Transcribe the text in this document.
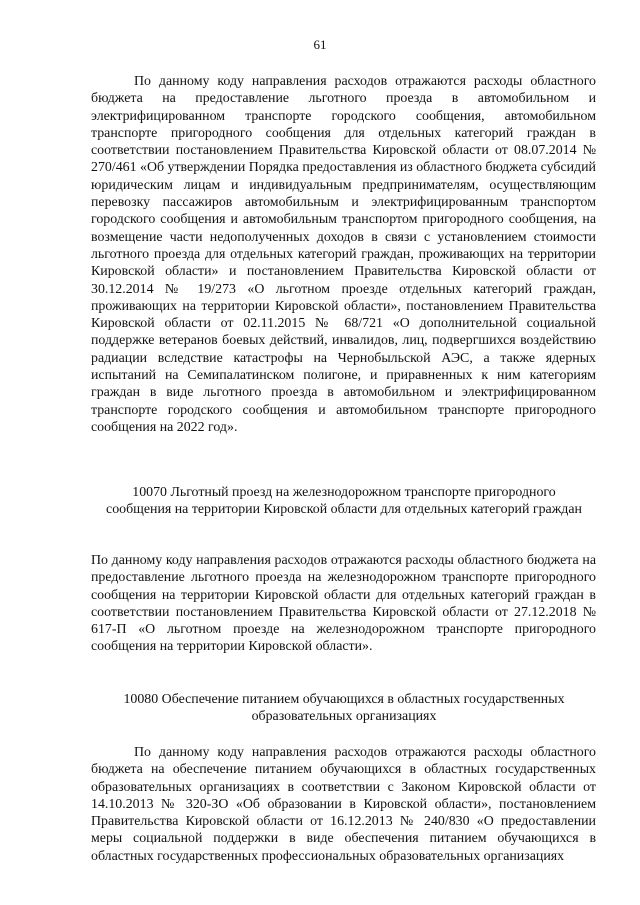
61

По данному коду направления расходов отражаются расходы областного бюджета на предоставление льготного проезда в автомобильном и электрифицированном транспорте городского сообщения, автомобильном транспорте пригородного сообщения для отдельных категорий граждан в соответствии постановлением Правительства Кировской области от 08.07.2014 № 270/461 «Об утверждении Порядка предоставления из областного бюджета субсидий юридическим лицам и индивидуальным предпринимателям, осуществляющим перевозку пассажиров автомобильным и электрифицированным транспортом городского сообщения и автомобильным транспортом пригородного сообщения, на возмещение части недополученных доходов в связи с установлением стоимости льготного проезда для отдельных категорий граждан, проживающих на территории Кировской области» и постановлением Правительства Кировской области от 30.12.2014 № 19/273 «О льготном проезде отдельных категорий граждан, проживающих на территории Кировской области», постановлением Правительства Кировской области от 02.11.2015 № 68/721 «О дополнительной социальной поддержке ветеранов боевых действий, инвалидов, лиц, подвергшихся воздействию радиации вследствие катастрофы на Чернобыльской АЭС, а также ядерных испытаний на Семипалатинском полигоне, и приравненных к ним категориям граждан в виде льготного проезда в автомобильном и электрифицированном транспорте городского сообщения и автомобильном транспорте пригородного сообщения на 2022 год».

10070 Льготный проезд на железнодорожном транспорте пригородного сообщения на территории Кировской области для отдельных категорий граждан

По данному коду направления расходов отражаются расходы областного бюджета на предоставление льготного проезда на железнодорожном транспорте пригородного сообщения на территории Кировской области для отдельных категорий граждан в соответствии постановлением Правительства Кировской области от 27.12.2018 № 617-П «О льготном проезде на железнодорожном транспорте пригородного сообщения на территории Кировской области».

10080 Обеспечение питанием обучающихся в областных государственных образовательных организациях

По данному коду направления расходов отражаются расходы областного бюджета на обеспечение питанием обучающихся в областных государственных образовательных организациях в соответствии с Законом Кировской области от 14.10.2013 № 320-ЗО «Об образовании в Кировской области», постановлением Правительства Кировской области от 16.12.2013 № 240/830 «О предоставлении меры социальной поддержки в виде обеспечения питанием обучающихся в областных государственных профессиональных образовательных организациях
